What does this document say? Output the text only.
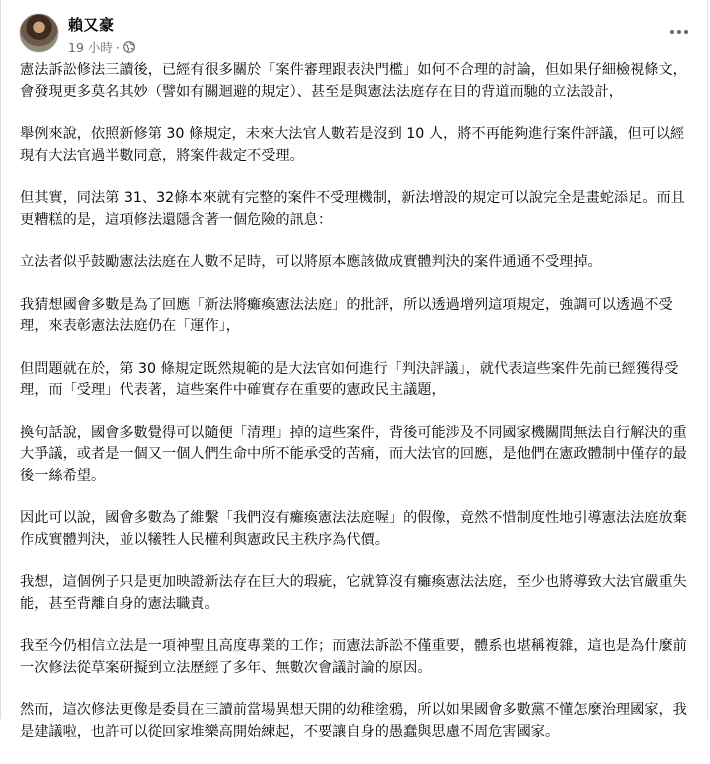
賴又豪
19 小時 ·

憲法訴訟修法三讀後，已經有很多關於「案件審理跟表決門檻」如何不合理的討論，但如果仔細檢視條文，會發現更多莫名其妙（譬如有關迴避的規定）、甚至是與憲法法庭存在目的背道而馳的立法設計，

舉例來說，依照新修第 30 條規定，未來大法官人數若是沒到 10 人，將不再能夠進行案件評議，但可以經現有大法官過半數同意，將案件裁定不受理。

但其實，同法第 31、32條本來就有完整的案件不受理機制，新法增設的規定可以說完全是畫蛇添足。而且更糟糕的是，這項修法還隱含著一個危險的訊息：

立法者似乎鼓勵憲法法庭在人數不足時，可以將原本應該做成實體判決的案件通通不受理掉。

我猜想國會多數是為了回應「新法將癱瘓憲法法庭」的批評，所以透過增列這項規定，強調可以透過不受理，來表彰憲法法庭仍在「運作」，

但問題就在於，第 30 條規定既然規範的是大法官如何進行「判決評議」，就代表這些案件先前已經獲得受理，而「受理」代表著，這些案件中確實存在重要的憲政民主議題，

換句話說，國會多數覺得可以隨便「清理」掉的這些案件，背後可能涉及不同國家機關間無法自行解決的重大爭議，或者是一個又一個人們生命中所不能承受的苦痛，而大法官的回應，是他們在憲政體制中僅存的最後一絲希望。

因此可以說，國會多數為了維繫「我們沒有癱瘓憲法法庭喔」的假像，竟然不惜制度性地引導憲法法庭放棄作成實體判決，並以犧牲人民權利與憲政民主秩序為代價。

我想，這個例子只是更加映證新法存在巨大的瑕疵，它就算沒有癱瘓憲法法庭，至少也將導致大法官嚴重失能，甚至背離自身的憲法職責。

我至今仍相信立法是一項神聖且高度專業的工作；而憲法訴訟不僅重要，體系也堪稱複雜，這也是為什麼前一次修法從草案研擬到立法歷經了多年、無數次會議討論的原因。

然而，這次修法更像是委員在三讀前當場異想天開的幼稚塗鴉，所以如果國會多數黨不懂怎麼治理國家，我是建議啦，也許可以從回家堆樂高開始練起，不要讓自身的愚蠢與思慮不周危害國家。
